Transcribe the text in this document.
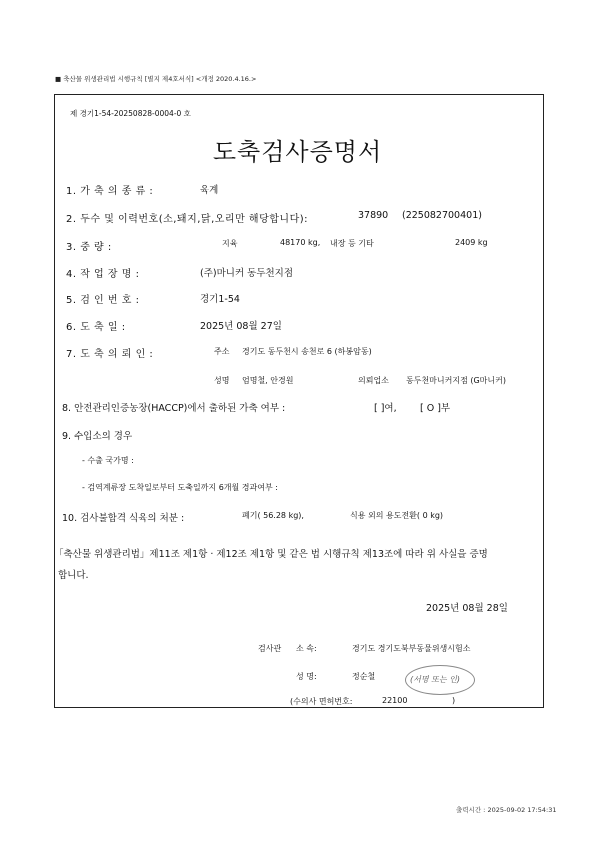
■ 축산물 위생관리법 시행규칙 [별지 제4호서식] <개정 2020.4.16.>
제 경기1-54-20250828-0004-0 호
도축검사증명서
1. 가 축 의 종 류 :	육계
2. 두수 및 이력번호(소,돼지,닭,오리만 해당합니다):	37890 (225082700401)
3. 중 량 :	지육	48170 kg, 내장 등 기타	2409 kg
4. 작 업 장 명 :	(주)마니커 동두천지점
5. 검 인 번 호 :	경기1-54
6. 도 축 일 :	2025년 08월 27일
7. 도 축 의 뢰 인 :	주소 경기도 동두천시 송천로 6 (하봉암동)
성명 엄명철, 안경원	의뢰업소 동두천마니커지점 (G마니커)
8. 안전관리인증농장(HACCP)에서 출하된 가축 여부 :	[ ]여, [ O ]부
9. 수입소의 경우
- 수출 국가명 :
- 검역계류장 도착일로부터 도축일까지 6개월 경과여부 :
10. 검사불합격 식육의 처분 :	폐기( 56.28 kg),	식용 외의 용도전환( 0 kg)
「축산물 위생관리법」제11조 제1항 · 제12조 제1항 및 같은 법 시행규칙 제13조에 따라 위 사실을 증명
합니다.
2025년 08월 28일
검사관 소 속:	경기도 경기도북부동물위생시험소
성 명:	정순철	(서명 또는 인)
(수의사 면허번호:	22100	)
출력시간 : 2025-09-02 17:54:31
